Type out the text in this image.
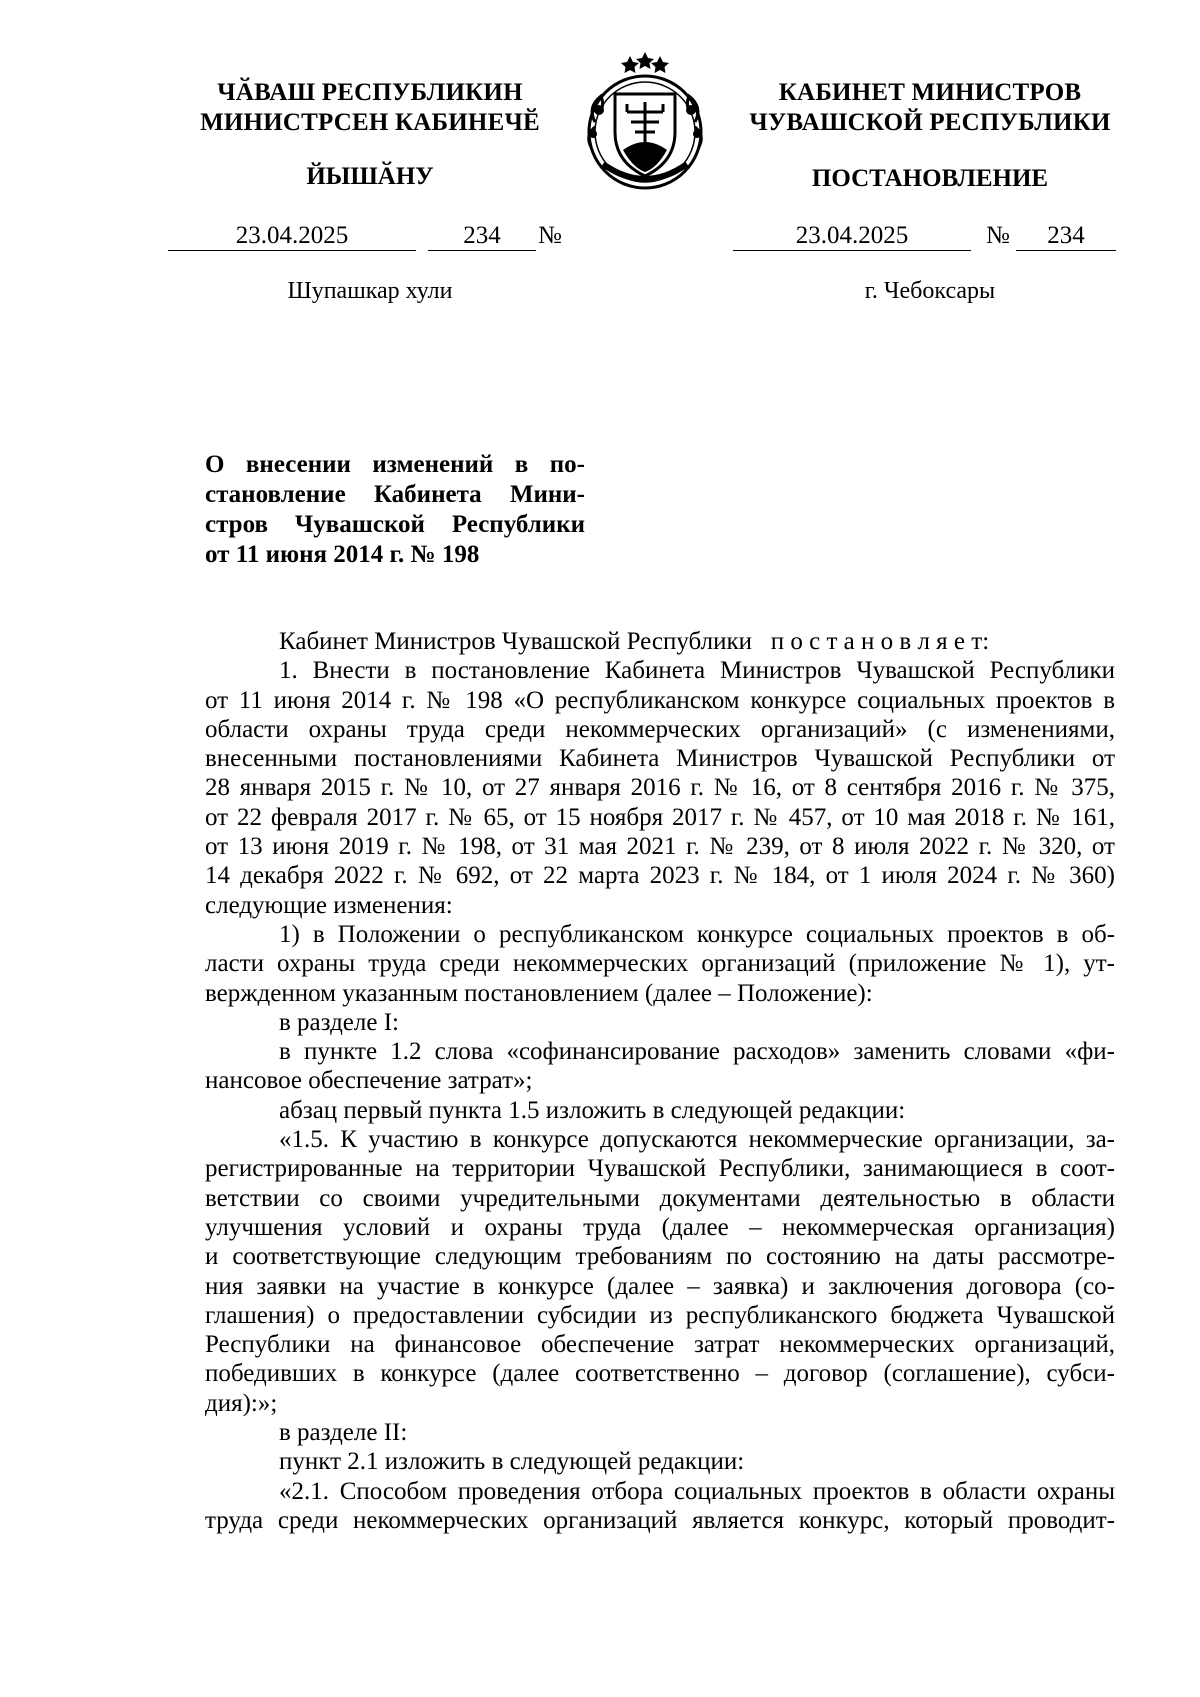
ЧӐВАШ РЕСПУБЛИКИН
МИНИСТРСЕН КАБИНЕЧӖ
КАБИНЕТ МИНИСТРОВ
ЧУВАШСКОЙ РЕСПУБЛИКИ
ЙЫШӐНУ	ПОСТАНОВЛЕНИЕ
23.04.2025	234	№	23.04.2025	№	234
Шупашкар хули	г. Чебоксары
О внесении изменений в по-
становление Кабинета Мини-
стров Чувашской Республики
от 11 июня 2014 г. № 198
Кабинет Министров Чувашской Республики п о с т а н о в л я е т:
1. Внести в постановление Кабинета Министров Чувашской Республики
от 11 июня 2014 г. № 198 «О республиканском конкурсе социальных проектов в
области охраны труда среди некоммерческих организаций» (с изменениями,
внесенными постановлениями Кабинета Министров Чувашской Республики от
28 января 2015 г. № 10, от 27 января 2016 г. № 16, от 8 сентября 2016 г. № 375,
от 22 февраля 2017 г. № 65, от 15 ноября 2017 г. № 457, от 10 мая 2018 г. № 161,
от 13 июня 2019 г. № 198, от 31 мая 2021 г. № 239, от 8 июля 2022 г. № 320, от
14 декабря 2022 г. № 692, от 22 марта 2023 г. № 184, от 1 июля 2024 г. № 360)
следующие изменения:
1) в Положении о республиканском конкурсе социальных проектов в об-
ласти охраны труда среди некоммерческих организаций (приложение № 1), ут-
вержденном указанным постановлением (далее – Положение):
в разделе I:
в пункте 1.2 слова «софинансирование расходов» заменить словами «фи-
нансовое обеспечение затрат»;
абзац первый пункта 1.5 изложить в следующей редакции:
«1.5. К участию в конкурсе допускаются некоммерческие организации, за-
регистрированные на территории Чувашской Республики, занимающиеся в соот-
ветствии со своими учредительными документами деятельностью в области
улучшения условий и охраны труда (далее – некоммерческая организация)
и соответствующие следующим требованиям по состоянию на даты рассмотре-
ния заявки на участие в конкурсе (далее – заявка) и заключения договора (со-
глашения) о предоставлении субсидии из республиканского бюджета Чувашской
Республики на финансовое обеспечение затрат некоммерческих организаций,
победивших в конкурсе (далее соответственно – договор (соглашение), субси-
дия):»;
в разделе II:
пункт 2.1 изложить в следующей редакции:
«2.1. Способом проведения отбора социальных проектов в области охраны
труда среди некоммерческих организаций является конкурс, который проводит-
